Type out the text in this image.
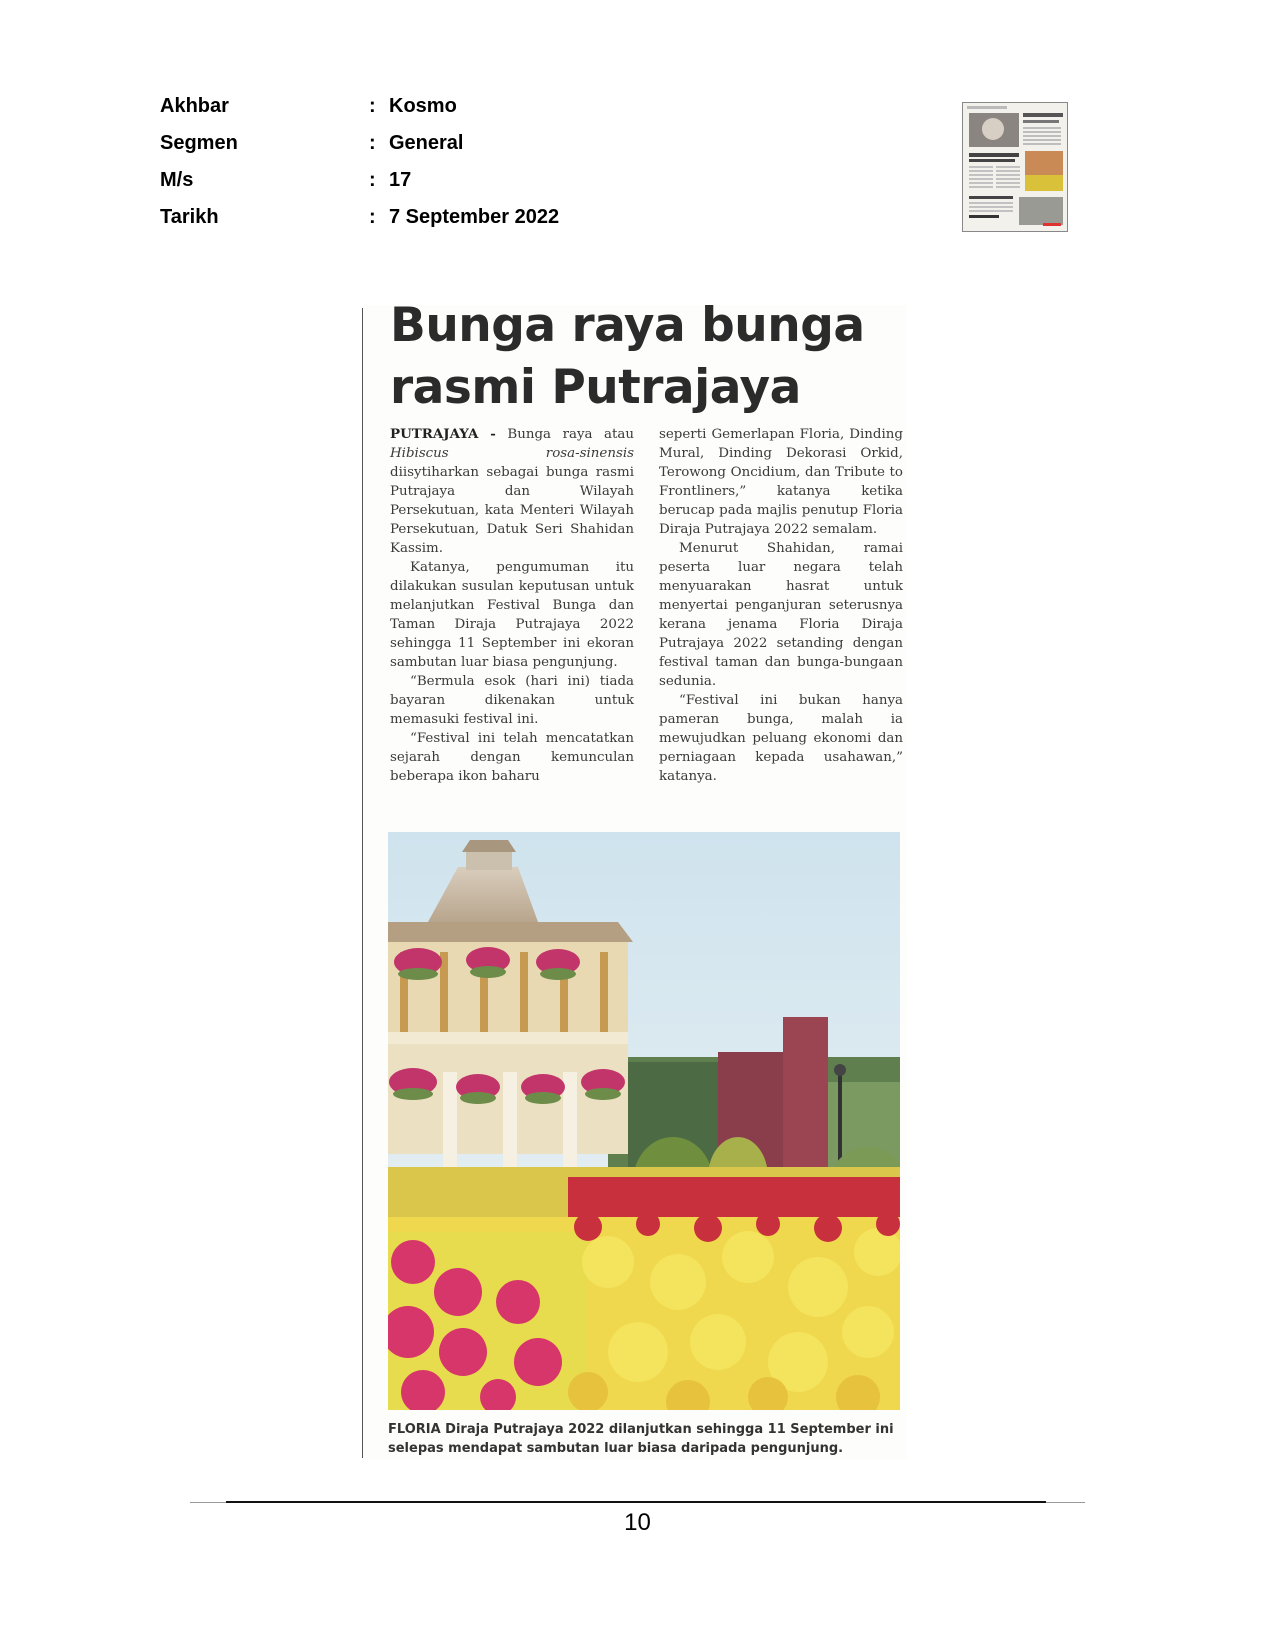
Akhbar	: Kosmo
Segmen	: General
M/s	: 17
Tarikh	: 7 September 2022
Bunga raya bunga
rasmi Putrajaya

PUTRAJAYA - Bunga raya atau Hibiscus rosa-sinensis diisytiharkan sebagai bunga rasmi Putrajaya dan Wilayah Persekutuan, kata Menteri Wilayah Persekutuan, Datuk Seri Shahidan Kassim.

Katanya, pengumuman itu dilakukan susulan keputusan untuk melanjutkan Festival Bunga dan Taman Diraja Putrajaya 2022 sehingga 11 September ini ekoran sambutan luar biasa pengunjung.

“Bermula esok (hari ini) tiada bayaran dikenakan untuk memasuki festival ini.

“Festival ini telah mencatatkan sejarah dengan kemunculan beberapa ikon baharu

seperti Gemerlapan Floria, Dinding Mural, Dinding Dekorasi Orkid, Terowong Oncidium, dan Tribute to Frontliners,” katanya ketika berucap pada majlis penutup Floria Diraja Putrajaya 2022 semalam.

Menurut Shahidan, ramai peserta luar negara telah menyuarakan hasrat untuk menyertai penganjuran seterusnya kerana jenama Floria Diraja Putrajaya 2022 setanding dengan festival taman dan bunga-bungaan sedunia.

“Festival ini bukan hanya pameran bunga, malah ia mewujudkan peluang ekonomi dan perniagaan kepada usahawan,” katanya.

FLORIA Diraja Putrajaya 2022 dilanjutkan sehingga 11 September ini selepas mendapat sambutan luar biasa daripada pengunjung.
10
